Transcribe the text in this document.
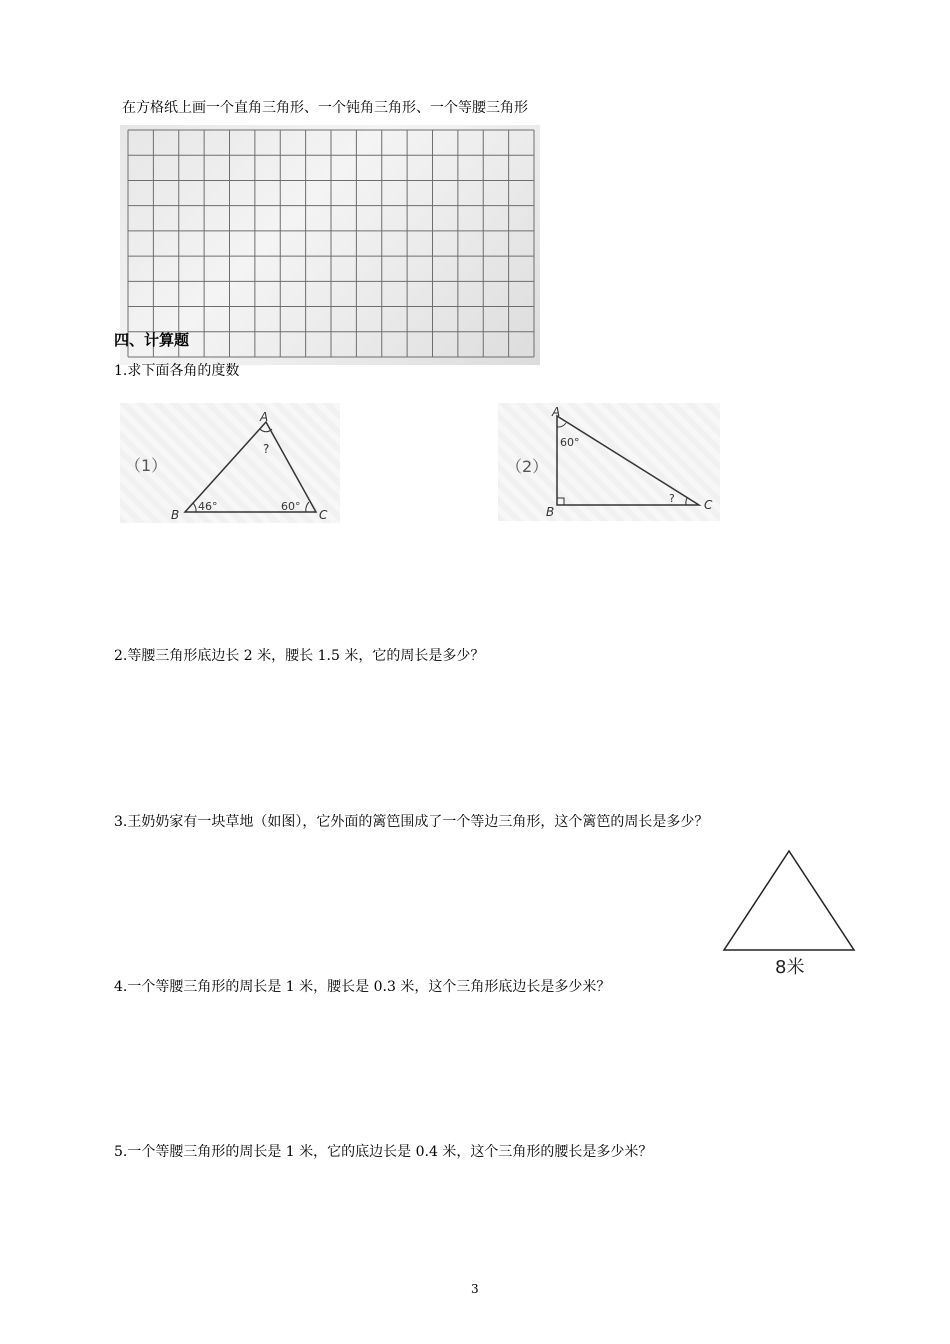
在方格纸上画一个直角三角形、一个钝角三角形、一个等腰三角形
四、计算题
1.求下面各角的度数
（1）
A
?
B
46°	60°
C
（2）
A
60°
B
? C
2.等腰三角形底边长 2 米，腰长 1.5 米，它的周长是多少？
3.王奶奶家有一块草地（如图），它外面的篱笆围成了一个等边三角形，这个篱笆的周长是多少？
8米
4.一个等腰三角形的周长是 1 米，腰长是 0.3 米，这个三角形底边长是多少米？
5.一个等腰三角形的周长是 1 米，它的底边长是 0.4 米，这个三角形的腰长是多少米？
3
